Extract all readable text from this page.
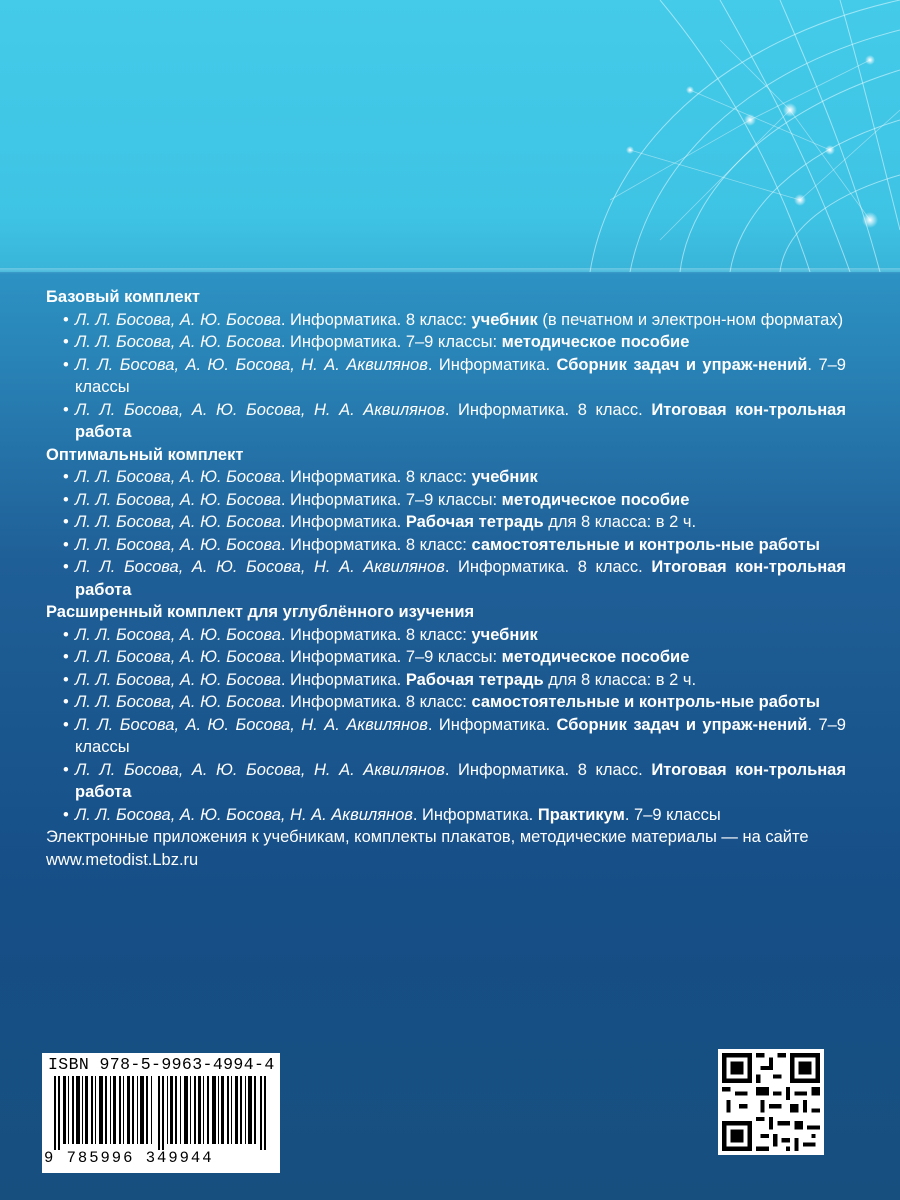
Базовый комплект
• Л. Л. Босова, А. Ю. Босова. Информатика. 8 класс: учебник (в печатном и электрон-ном форматах)
• Л. Л. Босова, А. Ю. Босова. Информатика. 7–9 классы: методическое пособие
• Л. Л. Босова, А. Ю. Босова, Н. А. Аквилянов. Информатика. Сборник задач и упраж-нений. 7–9 классы
• Л. Л. Босова, А. Ю. Босова, Н. А. Аквилянов. Информатика. 8 класс. Итоговая кон-трольная работа
Оптимальный комплект
• Л. Л. Босова, А. Ю. Босова. Информатика. 8 класс: учебник
• Л. Л. Босова, А. Ю. Босова. Информатика. 7–9 классы: методическое пособие
• Л. Л. Босова, А. Ю. Босова. Информатика. Рабочая тетрадь для 8 класса: в 2 ч.
• Л. Л. Босова, А. Ю. Босова. Информатика. 8 класс: самостоятельные и контроль-ные работы
• Л. Л. Босова, А. Ю. Босова, Н. А. Аквилянов. Информатика. 8 класс. Итоговая кон-трольная работа
Расширенный комплект для углублённого изучения
• Л. Л. Босова, А. Ю. Босова. Информатика. 8 класс: учебник
• Л. Л. Босова, А. Ю. Босова. Информатика. 7–9 классы: методическое пособие
• Л. Л. Босова, А. Ю. Босова. Информатика. Рабочая тетрадь для 8 класса: в 2 ч.
• Л. Л. Босова, А. Ю. Босова. Информатика. 8 класс: самостоятельные и контроль-ные работы
• Л. Л. Босова, А. Ю. Босова, Н. А. Аквилянов. Информатика. Сборник задач и упраж-нений. 7–9 классы
• Л. Л. Босова, А. Ю. Босова, Н. А. Аквилянов. Информатика. 8 класс. Итоговая кон-трольная работа
• Л. Л. Босова, А. Ю. Босова, Н. А. Аквилянов. Информатика. Практикум. 7–9 классы
Электронные приложения к учебникам, комплекты плакатов, методические материалы — на сайте www.metodist.Lbz.ru
ISBN 978-5-9963-4994-4
9 785996 349944
